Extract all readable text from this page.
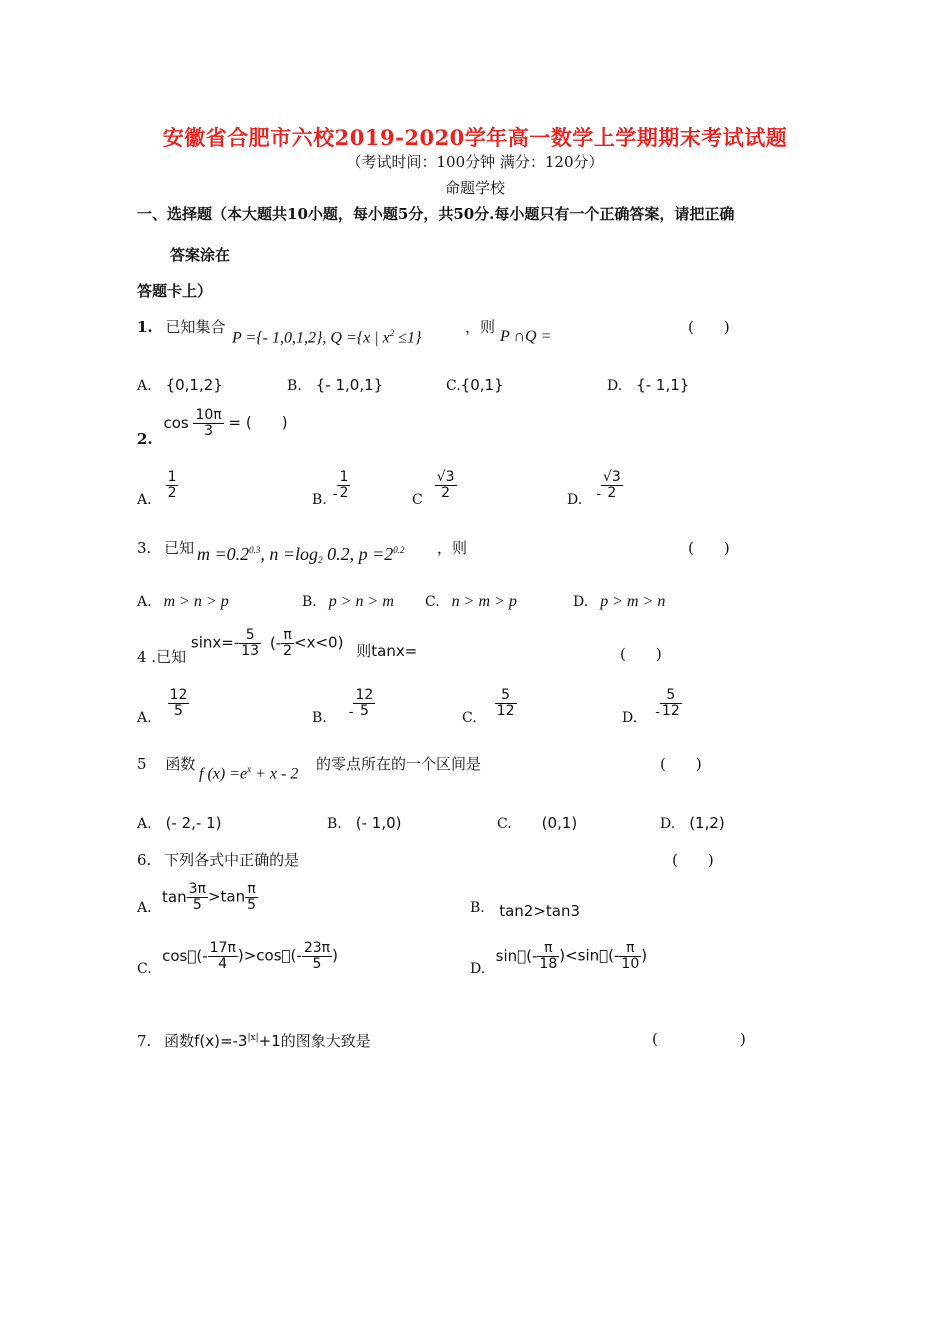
安徽省合肥市六校2019-2020学年高一数学上学期期末考试试题
（考试时间：100分钟 满分：120分）
命题学校
一、选择题（本大题共10小题，每小题5分，共50分.每小题只有一个正确答案，请把正确
答案涂在
答题卡上）
1. 已知集合
P ={- 1,0,1,2}, Q ={x | $x^2 \le 1$}
，则
P ∩Q =
(　　)
A. {0,1,2}	B. {- 1,0,1}	C.{0,1}	D. {- 1,1}
2. $\cos \frac{10\pi}{3}$ = (　　)
A. $\frac{1}{2}$	B. - $\frac{1}{2}$	C $\frac{√3}{2}$	D. - $\frac{√3}{2}$
3. 已知 $m =0.2^{0.3}$, $n =\log_2$ 0.2, $p =2^{0.2}$ ，则	(　　)
A. m > n > p	B. p > n > m C. n > m > p	D. p > m > n
4 .已知 $\sin x=- \frac{5}{13}$ (- $\frac{\pi}{2} <x<0$) 则tanx=	(　　)
A. $\frac{12}{5}$	B. - $\frac{12}{5}$	C. $\frac{5}{12}$	D. - $\frac{5}{12}$
5 函数
f $(x) =e^x + x - 2$
的零点所在的一个区间是	(　　)
A. (- 2,- 1)	B. (- 1,0)	C. (0,1)	D. (1,2)
6. 下列各式中正确的是	(　　)
A. $\tan \frac{3\pi}{5} >\tan \frac{\pi}{5}$	B. tan2>tan3
C. cos (- $\frac{17\pi}{4}$ )>cos (- $\frac{23\pi}{5}$ )
D. sin (- $\frac{\pi}{18}$ )<sin (- $\frac{\pi}{10}$ )
7. 函数$f(x)=-3^{|x|}+1$的图象大致是	(	)
